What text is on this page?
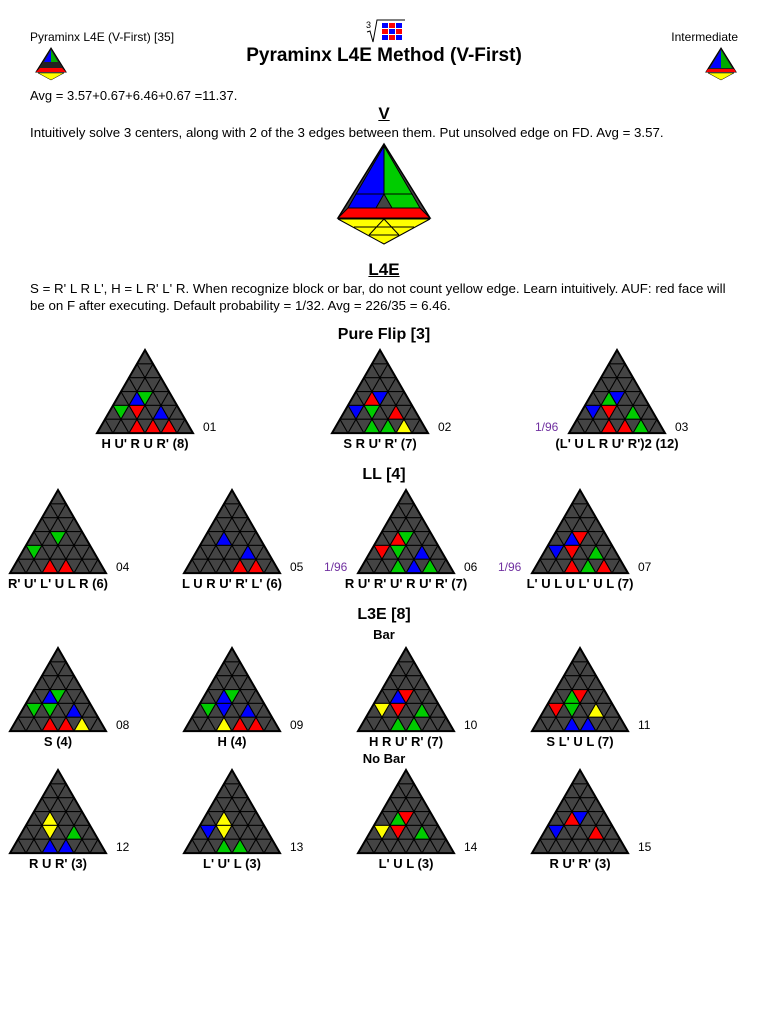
Pyraminx L4E (V-First) [35]	Intermediate
3
Pyraminx L4E Method (V-First)
Avg = 3.57+0.67+6.46+0.67 =11.37.
V
Intuitively solve 3 centers, along with 2 of the 3 edges between them. Put unsolved edge on FD. Avg = 3.57.
L4E
S = R' L R L', H = L R' L' R. When recognize block or bar, do not count yellow edge. Learn intuitively. AUF: red face will be on F after executing. Default probability = 1/32. Avg = 226/35 = 6.46.
Pure Flip [3]
LL [4]
L3E [8]
Bar
No Bar
01
H U' R U R' (8)
02
S R U' R' (7)
03
1/96
(L' U L R U' R')2 (12)
04
R' U' L' U L R (6)
05
L U R U' R' L' (6)
06
1/96
R U' R' U' R U' R' (7)
07
1/96
L' U L U L' U L (7)
08
S (4)
09
H (4)
10
H R U' R' (7)
11
S L' U L (7)
12
R U R' (3)
13
L' U' L (3)
14
L' U L (3)
15
R U' R' (3)
